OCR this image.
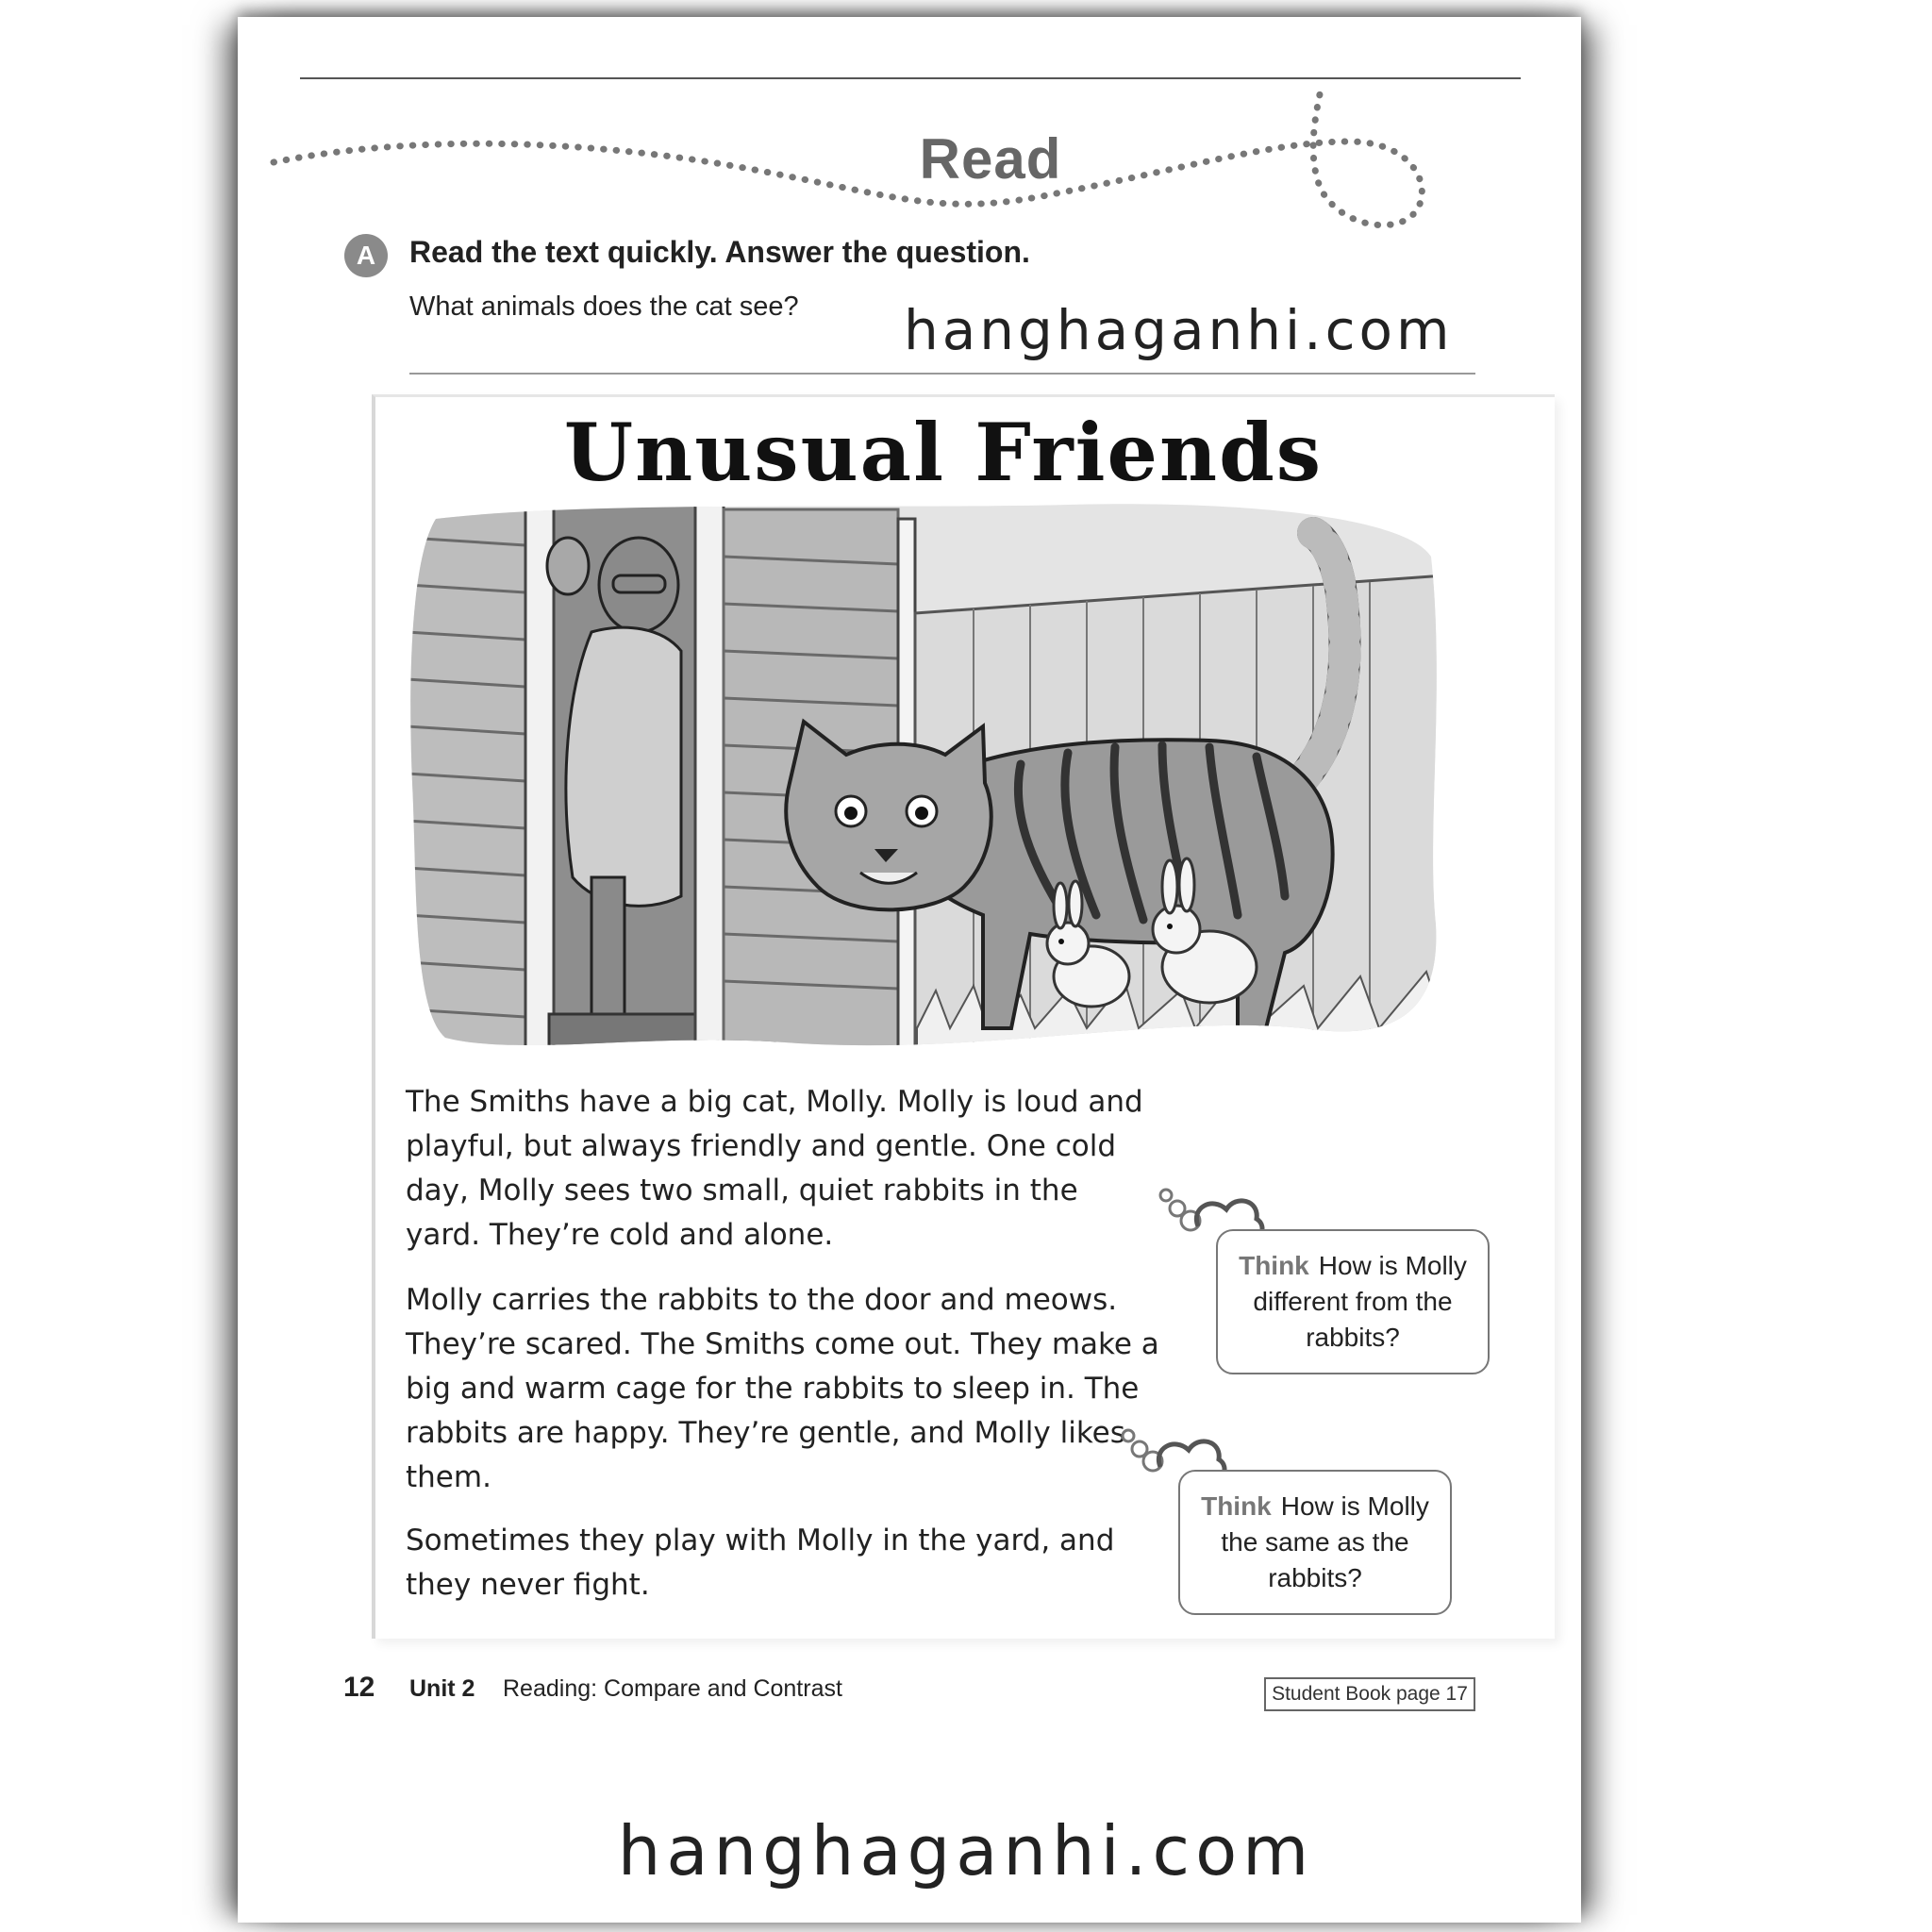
Read
A	Read the text quickly. Answer the question.
What animals does the cat see? hanghaganhi.com
Unusual Friends
The Smiths have a big cat, Molly. Molly is loud and playful, but always friendly and gentle. One cold day, Molly sees two small, quiet rabbits in the yard. They’re cold and alone.
Molly carries the rabbits to the door and meows. They’re scared. The Smiths come out. They make a big and warm cage for the rabbits to sleep in. The rabbits are happy. They’re gentle, and Molly likes them.
Sometimes they play with Molly in the yard, and they never fight.
Think How is Molly different from the rabbits?
Think How is Molly the same as the rabbits?
12 Unit 2 Reading: Compare and Contrast	Student Book page 17
hanghaganhi.com
